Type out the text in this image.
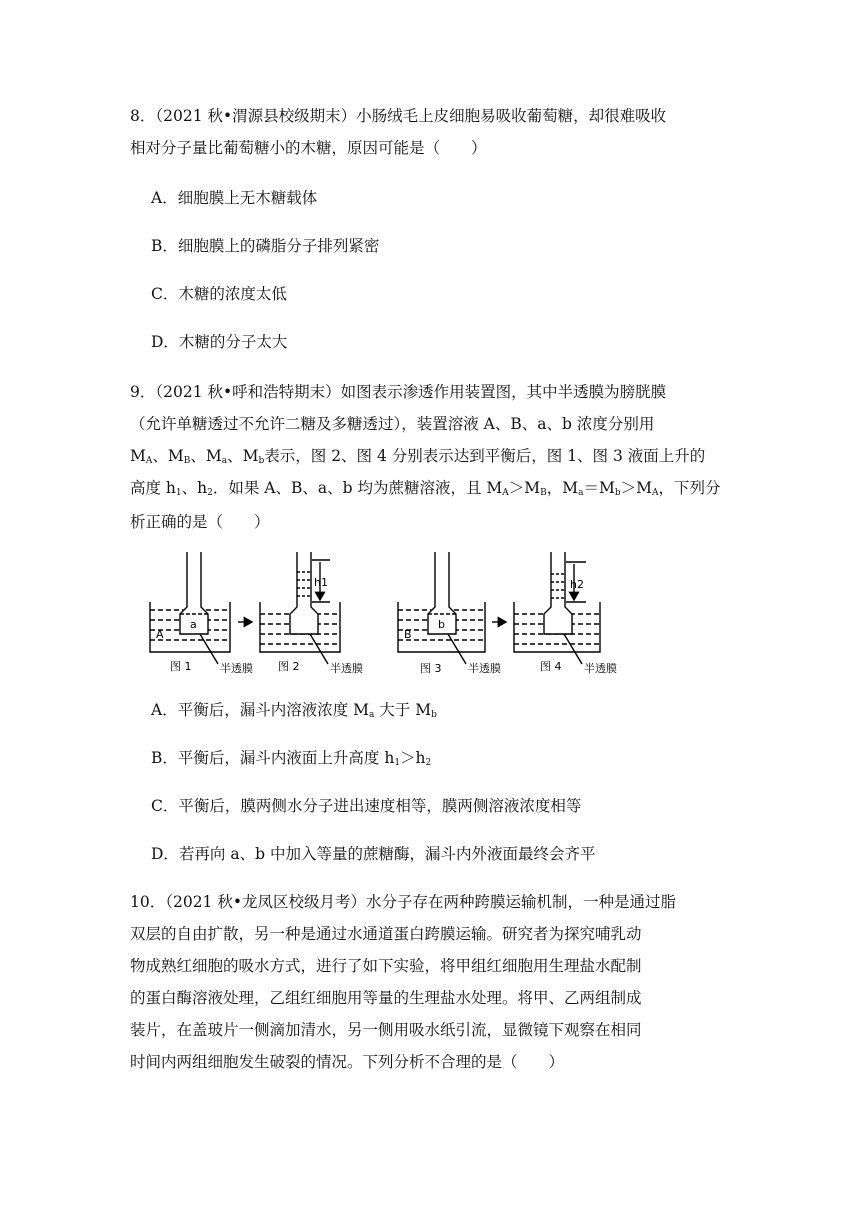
8．（2021 秋•渭源县校级期末）小肠绒毛上皮细胞易吸收葡萄糖，却很难吸收
相对分子量比葡萄糖小的木糖，原因可能是（　　）
A．细胞膜上无木糖载体
B．细胞膜上的磷脂分子排列紧密
C．木糖的浓度太低
D．木糖的分子太大
9．（2021 秋•呼和浩特期末）如图表示渗透作用装置图，其中半透膜为膀胱膜
（允许单糖透过不允许二糖及多糖透过），装置溶液 A、B、a、b 浓度分别用
$M_A$、$M_B$、$M_a$、$M_b$表示，图 2、图 4 分别表示达到平衡后，图 1、图 3 液面上升的
高度 $h_1$、$h_2$．如果 A、B、a、b 均为蔗糖溶液，且 $M_A>M_B$，$M_a=M_b>M_A$，下列分
析正确的是（　　）
a
A
h1
b
B
h2
图 1	半透膜 图 2	半透膜	图 3 半透膜	图 4 半透膜
A．平衡后，漏斗内溶液浓度 $M_a$ 大于 $M_b$
B．平衡后，漏斗内液面上升高度 $h_1>h_2$
C．平衡后，膜两侧水分子进出速度相等，膜两侧溶液浓度相等
D．若再向 a、b 中加入等量的蔗糖酶，漏斗内外液面最终会齐平
10．（2021 秋•龙凤区校级月考）水分子存在两种跨膜运输机制，一种是通过脂
双层的自由扩散，另一种是通过水通道蛋白跨膜运输。研究者为探究哺乳动
物成熟红细胞的吸水方式，进行了如下实验，将甲组红细胞用生理盐水配制
的蛋白酶溶液处理，乙组红细胞用等量的生理盐水处理。将甲、乙两组制成
装片，在盖玻片一侧滴加清水，另一侧用吸水纸引流，显微镜下观察在相同
时间内两组细胞发生破裂的情况。下列分析不合理的是（　　）
